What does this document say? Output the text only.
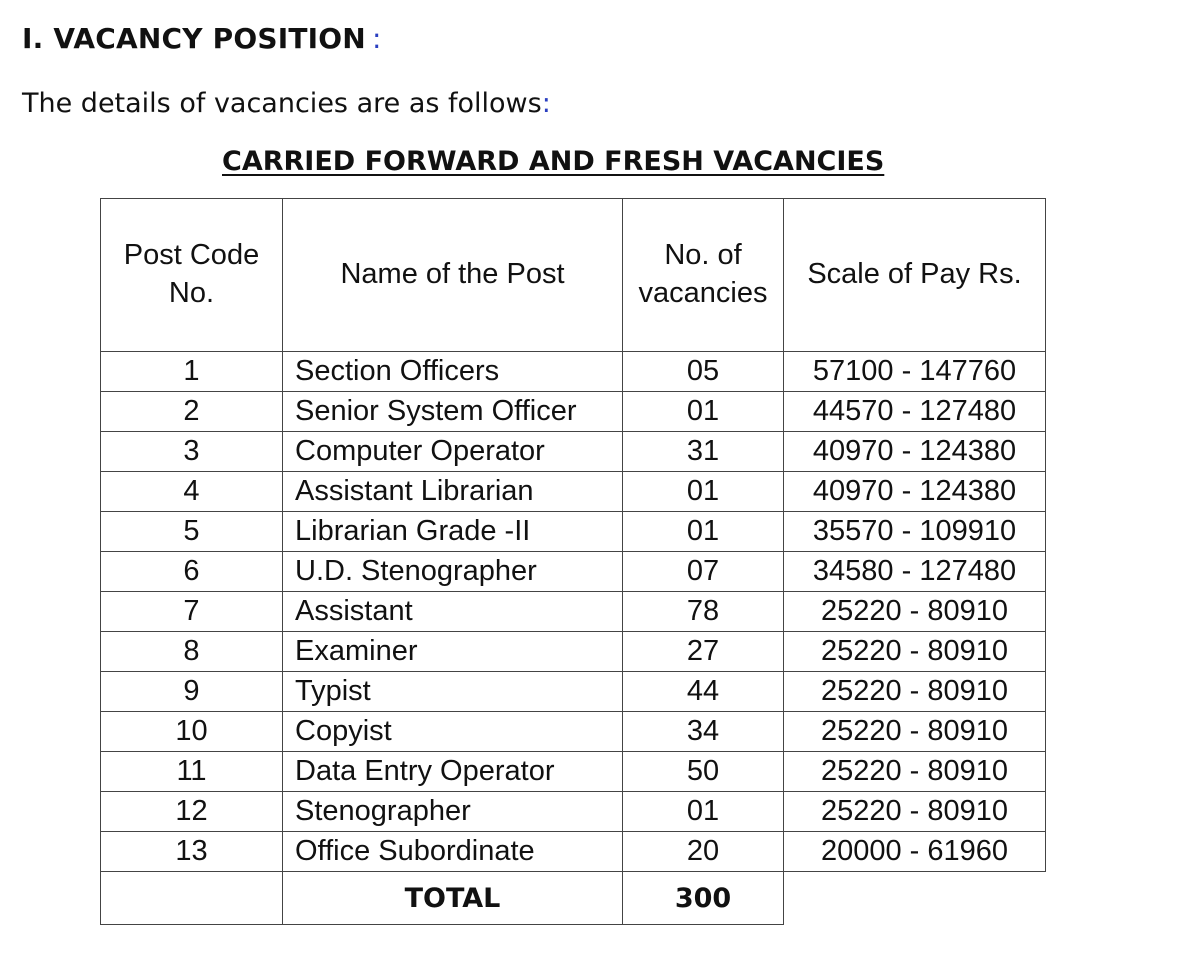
I. VACANCY POSITION :

The details of vacancies are as follows:

CARRIED FORWARD AND FRESH VACANCIES
Post Code No.	Name of the Post	No. of vacancies	Scale of Pay Rs.
1	Section Officers	05	57100 - 147760
2	Senior System Officer	01	44570 - 127480
3	Computer Operator	31	40970 - 124380
4	Assistant Librarian	01	40970 - 124380
5	Librarian Grade -II	01	35570 - 109910
6	U.D. Stenographer	07	34580 - 127480
7	Assistant	78	25220 - 80910
8	Examiner	27	25220 - 80910
9	Typist	44	25220 - 80910
10	Copyist	34	25220 - 80910
11	Data Entry Operator	50	25220 - 80910
12	Stenographer	01	25220 - 80910
13	Office Subordinate	20	20000 - 61960
	TOTAL	300	
